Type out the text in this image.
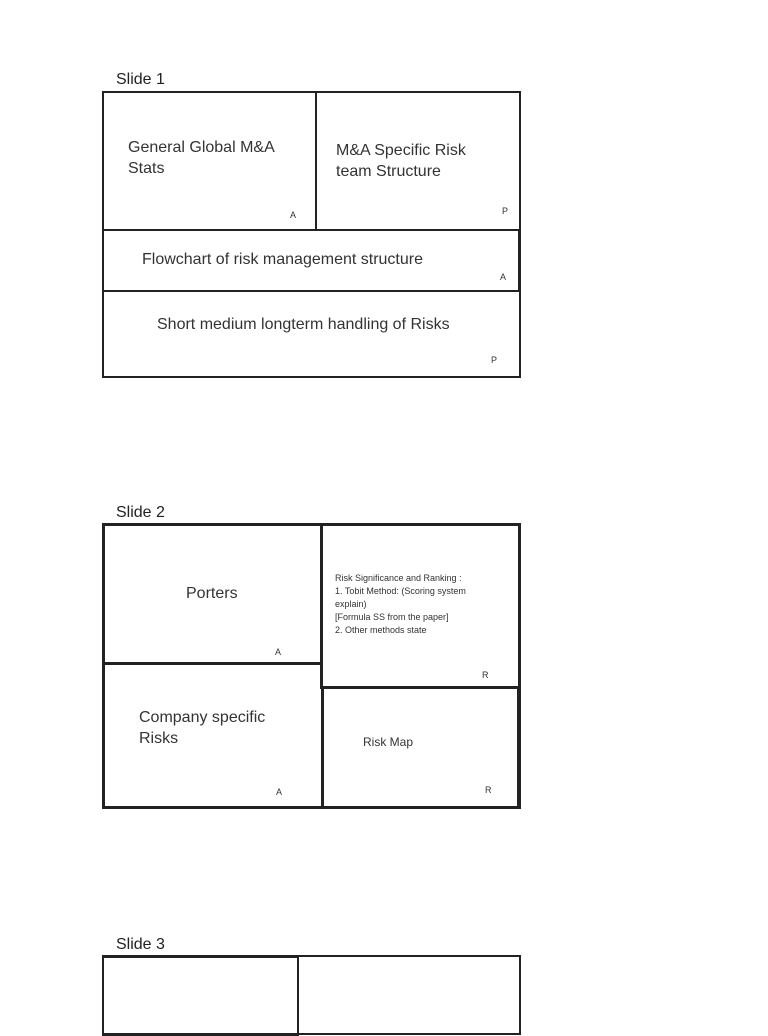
Slide 1
General Global M&A Stats
A
M&A Specific Risk team Structure
P
Flowchart of risk management structure
A
Short medium longterm handling of Risks
P
Slide 2
Porters
A
Company specific Risks
A
Risk Significance and Ranking :
1. Tobit Method: (Scoring system explain)
[Formula SS from the paper]
2. Other methods state
R
Risk Map
R
Slide 3
